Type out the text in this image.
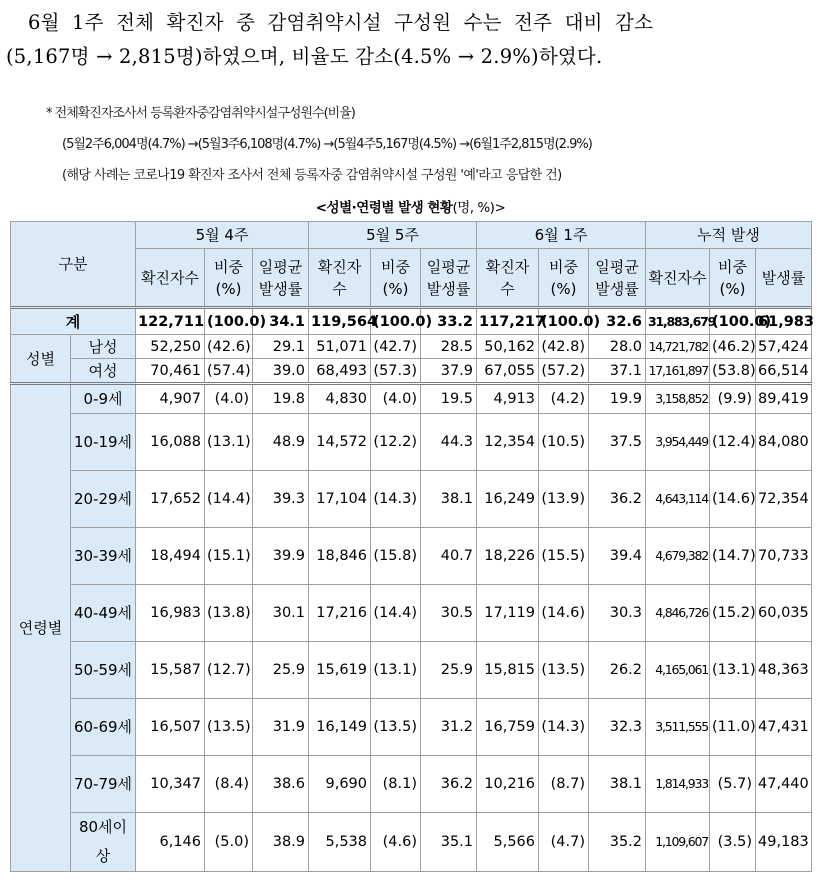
6월 1주 전체 확진자 중 감염취약시설 구성원 수는 전주 대비 감소
(5,167명 → 2,815명)하였으며, 비율도 감소(4.5% → 2.9%)하였다.
* 전체확진자조사서 등록환자중감염취약시설구성원수(비율)
(5월2주6,004명(4.7%) →(5월3주6,108명(4.7%) →(5월4주5,167명(4.5%) →(6월1주2,815명(2.9%)
(해당 사례는 코로나19 확진자 조사서 전체 등록자중 감염취약시설 구성원 '예'라고 응답한 건)
<성별·연령별 발생 현황(명, %)>
구분		5월 4주			5월 5주			6월 1주			누적 발생		
		확진자수	비중(%)	일평균발생률	확진자수	비중(%)	일평균발생률	확진자수	비중(%)	일평균발생률	확진자수	비중(%)	발생률
계		122,711	(100.0)	34.1	119,564	(100.0)	33.2	117,217	(100.0)	32.6	31,883,679	(100.0)	61,983
성별	남성	52,250	(42.6)	29.1	51,071	(42.7)	28.5	50,162	(42.8)	28.0	14,721,782	(46.2)	57,424
	여성	70,461	(57.4)	39.0	68,493	(57.3)	37.9	67,055	(57.2)	37.1	17,161,897	(53.8)	66,514
연령별	0-9세	4,907	(4.0)	19.8	4,830	(4.0)	19.5	4,913	(4.2)	19.9	3,158,852	(9.9)	89,419
	10-19세	16,088	(13.1)	48.9	14,572	(12.2)	44.3	12,354	(10.5)	37.5	3,954,449	(12.4)	84,080
	20-29세	17,652	(14.4)	39.3	17,104	(14.3)	38.1	16,249	(13.9)	36.2	4,643,114	(14.6)	72,354
	30-39세	18,494	(15.1)	39.9	18,846	(15.8)	40.7	18,226	(15.5)	39.4	4,679,382	(14.7)	70,733
	40-49세	16,983	(13.8)	30.1	17,216	(14.4)	30.5	17,119	(14.6)	30.3	4,846,726	(15.2)	60,035
	50-59세	15,587	(12.7)	25.9	15,619	(13.1)	25.9	15,815	(13.5)	26.2	4,165,061	(13.1)	48,363
	60-69세	16,507	(13.5)	31.9	16,149	(13.5)	31.2	16,759	(14.3)	32.3	3,511,555	(11.0)	47,431
	70-79세	10,347	(8.4)	38.6	9,690	(8.1)	36.2	10,216	(8.7)	38.1	1,814,933	(5.7)	47,440
	80세이상	6,146	(5.0)	38.9	5,538	(4.6)	35.1	5,566	(4.7)	35.2	1,109,607	(3.5)	49,183
